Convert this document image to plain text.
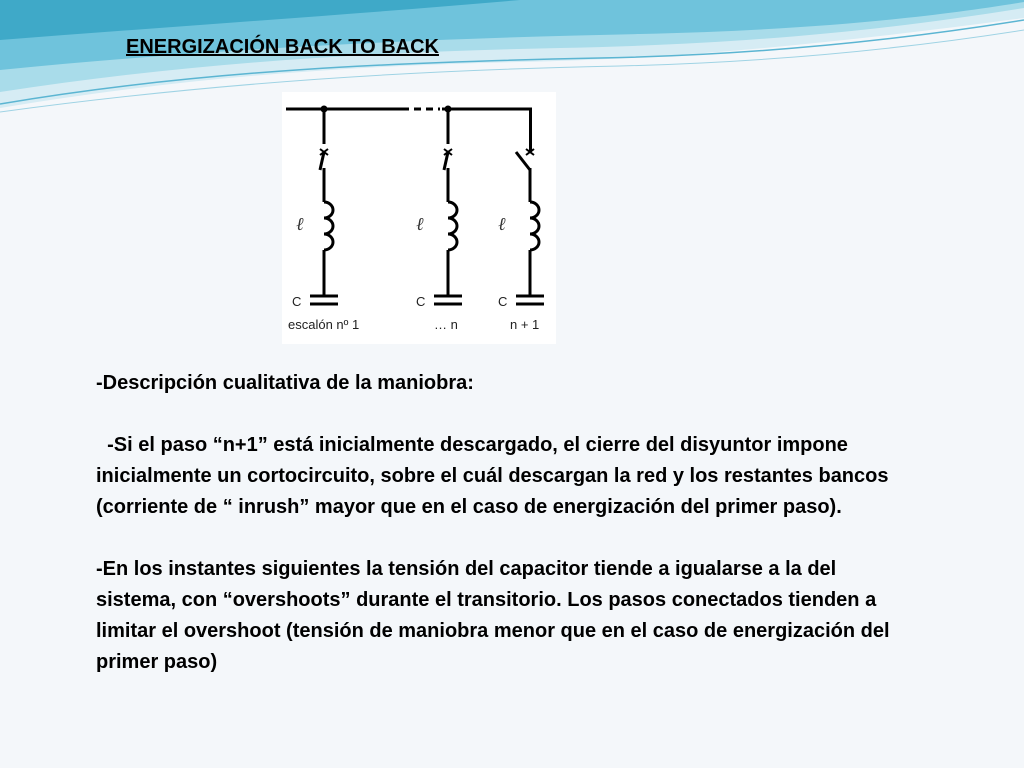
ENERGIZACIÓN BACK TO BACK
ℓ
C
escalón nº 1
ℓ
C
… n
ℓ
C
n + 1

-Descripción cualitativa de la maniobra:

-Si el paso “n+1” está inicialmente descargado, el cierre del disyuntor impone inicialmente un cortocircuito, sobre el cuál descargan la red y los restantes bancos (corriente de “ inrush” mayor que en el caso de energización del primer paso).

-En los instantes siguientes la tensión del capacitor tiende a igualarse a la del sistema, con “overshoots” durante el transitorio. Los pasos conectados tienden a limitar el overshoot (tensión de maniobra menor que en el caso de energización del primer paso)
